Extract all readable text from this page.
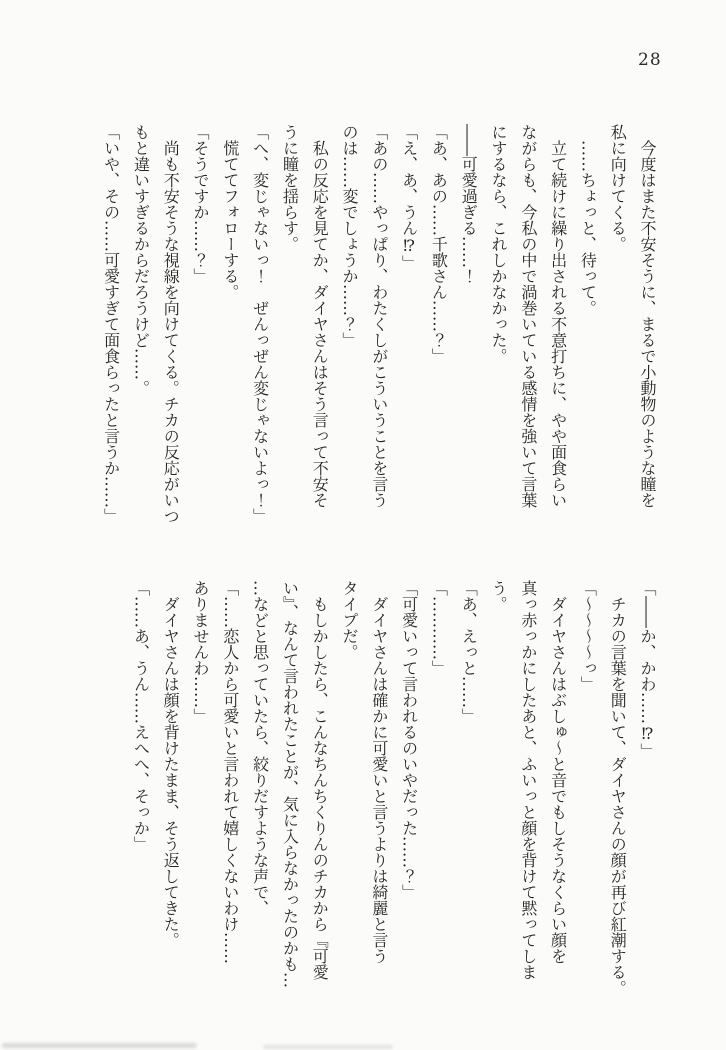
28

今度はまた不安そうに、まるで小動物のような瞳を

私に向けてくる。

……ちょっと、待って。

立て続けに繰り出される不意打ちに、やや面食らい

ながらも、今私の中で渦巻いている感情を強いて言葉

にするなら、これしかなかった。

――可愛過ぎる……！

「あ、あの……千歌さん……？」

「え、あ、うん⁉」

「あの……やっぱり、わたくしがこういうことを言う

のは……変でしょうか……？」

私の反応を見てか、ダイヤさんはそう言って不安そ

うに瞳を揺らす。

「へ、変じゃないっ！　ぜんっぜん変じゃないよっ！」

慌ててフォローする。

「そうですか……？」

尚も不安そうな視線を向けてくる。チカの反応がいつ

もと違いすぎるからだろうけど……。

「いや、その……可愛すぎて面食らったと言うか……」

「――か、かわ……⁉」

チカの言葉を聞いて、ダイヤさんの顔が再び紅潮する。

「〜〜〜〜っ」

ダイヤさんはぶしゅ〜と音でもしそうなくらい顔を

真っ赤っかにしたあと、ふいっと顔を背けて黙ってしま

う。

「あ、えっと……」

「…………」

「可愛いって言われるのいやだった……？」

ダイヤさんは確かに可愛いと言うよりは綺麗と言う

タイプだ。

もしかしたら、こんなちんちくりんのチカから『可愛

い』、なんて言われたことが、気に入らなかったのかも…

…などと思っていたら、絞りだすような声で、

「……恋人から可愛いと言われて嬉しくないわけ……

ありませんわ……」

ダイヤさんは顔を背けたまま、そう返してきた。

「……あ、うん……えへへ、そっか」
